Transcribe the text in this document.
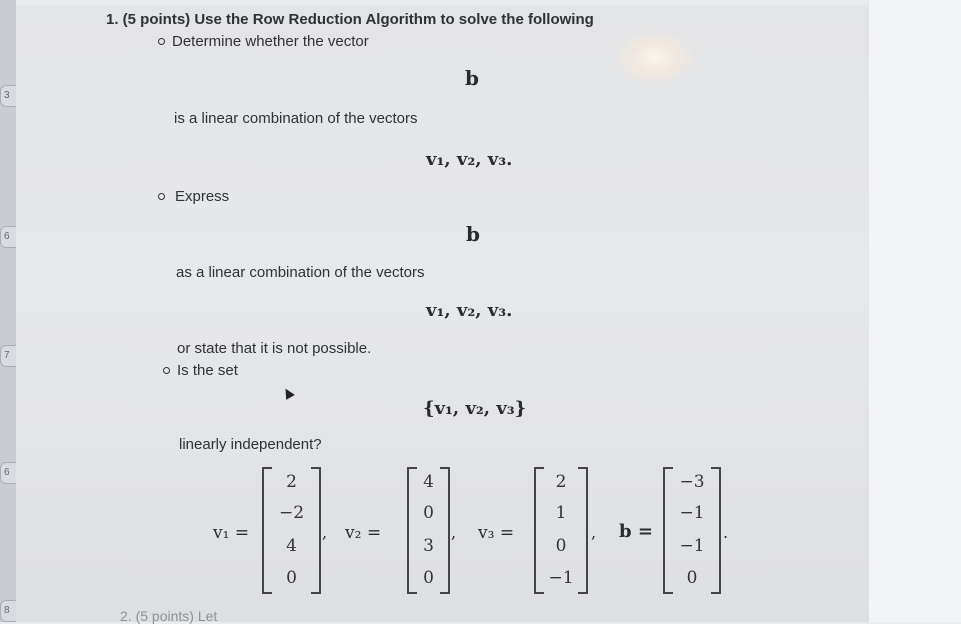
3
6
7
6
8
1. (5 points) Use the Row Reduction Algorithm to solve the following
Determine whether the vector
b
is a linear combination of the vectors
v₁, v₂, v₃.
Express
b
as a linear combination of the vectors
v₁, v₂, v₃.
or state that it is not possible.
Is the set
{v₁, v₂, v₃}
linearly independent?
v₁ =
2
−2
4
0
, v₂ =
4
0
3
0
, v₃ =
2
1
0
−1
, b =
−3
−1
−1
0
.
2. (5 points) Let
